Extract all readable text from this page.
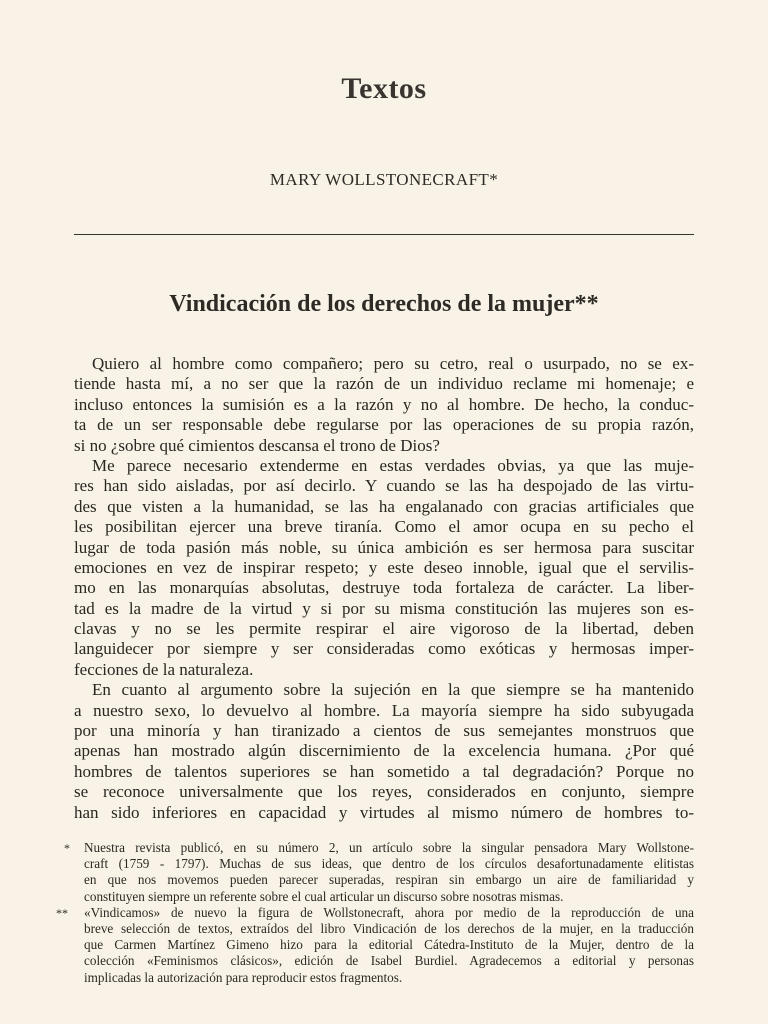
Textos
MARY WOLLSTONECRAFT*
Vindicación de los derechos de la mujer**
Quiero al hombre como compañero; pero su cetro, real o usurpado, no se ex-
tiende hasta mí, a no ser que la razón de un individuo reclame mi homenaje; e
incluso entonces la sumisión es a la razón y no al hombre. De hecho, la conduc-
ta de un ser responsable debe regularse por las operaciones de su propia razón,
si no ¿sobre qué cimientos descansa el trono de Dios?
Me parece necesario extenderme en estas verdades obvias, ya que las muje-
res han sido aisladas, por así decirlo. Y cuando se las ha despojado de las virtu-
des que visten a la humanidad, se las ha engalanado con gracias artificiales que
les posibilitan ejercer una breve tiranía. Como el amor ocupa en su pecho el
lugar de toda pasión más noble, su única ambición es ser hermosa para suscitar
emociones en vez de inspirar respeto; y este deseo innoble, igual que el servilis-
mo en las monarquías absolutas, destruye toda fortaleza de carácter. La liber-
tad es la madre de la virtud y si por su misma constitución las mujeres son es-
clavas y no se les permite respirar el aire vigoroso de la libertad, deben
languidecer por siempre y ser consideradas como exóticas y hermosas imper-
fecciones de la naturaleza.
En cuanto al argumento sobre la sujeción en la que siempre se ha mantenido
a nuestro sexo, lo devuelvo al hombre. La mayoría siempre ha sido subyugada
por una minoría y han tiranizado a cientos de sus semejantes monstruos que
apenas han mostrado algún discernimiento de la excelencia humana. ¿Por qué
hombres de talentos superiores se han sometido a tal degradación? Porque no
se reconoce universalmente que los reyes, considerados en conjunto, siempre
han sido inferiores en capacidad y virtudes al mismo número de hombres to-
* Nuestra revista publicó, en su número 2, un artículo sobre la singular pensadora Mary Wollstone-
craft (1759 - 1797). Muchas de sus ideas, que dentro de los círculos desafortunadamente elitistas
en que nos movemos pueden parecer superadas, respiran sin embargo un aire de familiaridad y
constituyen siempre un referente sobre el cual articular un discurso sobre nosotras mismas.
** «Vindicamos» de nuevo la figura de Wollstonecraft, ahora por medio de la reproducción de una
breve selección de textos, extraídos del libro Vindicación de los derechos de la mujer, en la traducción
que Carmen Martínez Gimeno hizo para la editorial Cátedra-Instituto de la Mujer, dentro de la
colección «Feminismos clásicos», edición de Isabel Burdiel. Agradecemos a editorial y personas
implicadas la autorización para reproducir estos fragmentos.
